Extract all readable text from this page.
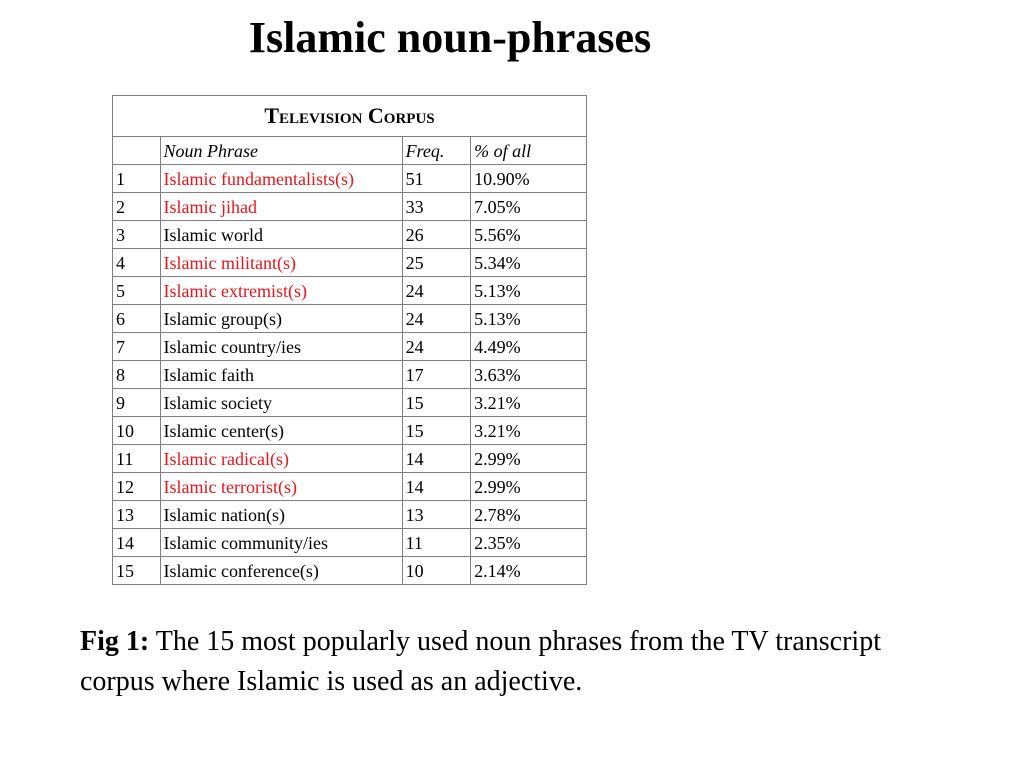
Islamic noun-phrases
Television Corpus			
	Noun Phrase	Freq.	% of all
1	Islamic fundamentalists(s)	51	10.90%
2	Islamic jihad	33	7.05%
3	Islamic world	26	5.56%
4	Islamic militant(s)	25	5.34%
5	Islamic extremist(s)	24	5.13%
6	Islamic group(s)	24	5.13%
7	Islamic country/ies	24	4.49%
8	Islamic faith	17	3.63%
9	Islamic society	15	3.21%
10	Islamic center(s)	15	3.21%
11	Islamic radical(s)	14	2.99%
12	Islamic terrorist(s)	14	2.99%
13	Islamic nation(s)	13	2.78%
14	Islamic community/ies	11	2.35%
15	Islamic conference(s)	10	2.14%

Fig 1: The 15 most popularly used noun phrases from the TV transcript corpus where Islamic is used as an adjective.
